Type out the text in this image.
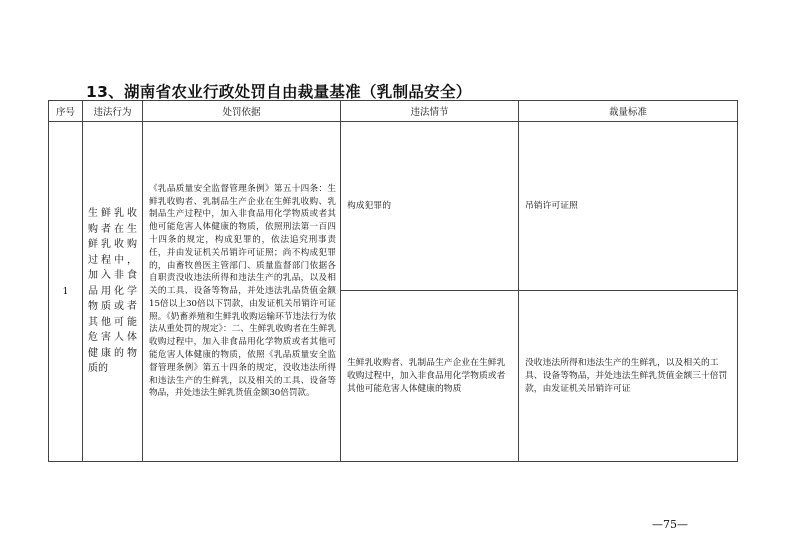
13、湖南省农业行政处罚自由裁量基准（乳制品安全）
序号	违法行为	处罚依据	违法情节	裁量标准
1	生鲜乳收购者在生鲜乳收购过程中，加入非食品用化学物质或者其他可能危害人体健康的物质的	《乳品质量安全监督管理条例》第五十四条：生鲜乳收购者、乳制品生产企业在生鲜乳收购、乳制品生产过程中，加入非食品用化学物质或者其他可能危害人体健康的物质，依照刑法第一百四十四条的规定，构成犯罪的，依法追究刑事责任，并由发证机关吊销许可证照；尚不构成犯罪的，由畜牧兽医主管部门、质量监督部门依据各自职责没收违法所得和违法生产的乳品，以及相关的工具、设备等物品，并处违法乳品货值金额15倍以上30倍以下罚款，由发证机关吊销许可证照。《奶畜养殖和生鲜乳收购运输环节违法行为依法从重处罚的规定》：二、生鲜乳收购者在生鲜乳收购过程中，加入非食品用化学物质或者其他可能危害人体健康的物质，依照《乳品质量安全监督管理条例》第五十四条的规定，没收违法所得和违法生产的生鲜乳，以及相关的工具、设备等物品，并处违法生鲜乳货值金额30倍罚款。	构成犯罪的	吊销许可证照
			生鲜乳收购者、乳制品生产企业在生鲜乳收购过程中，加入非食品用化学物质或者其他可能危害人体健康的物质	没收违法所得和违法生产的生鲜乳，以及相关的工具、设备等物品，并处违法生鲜乳货值金额三十倍罚款，由发证机关吊销许可证
—75—
